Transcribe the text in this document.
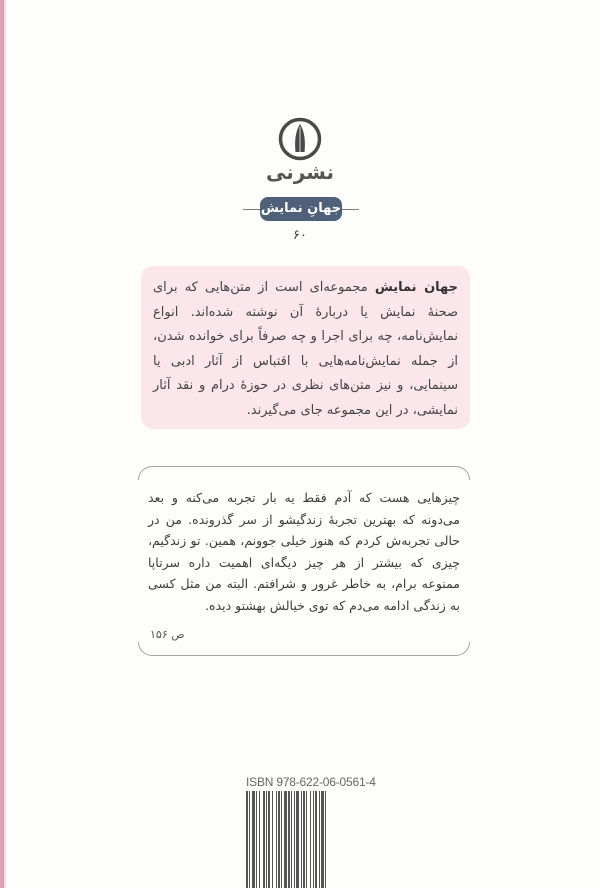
نشرنی
جهانِ نمایش
۶۰

جهان نمایش مجموعه‌ای است از متن‌هایی که برای صحنهٔ نمایش یا دربارهٔ آن نوشته شده‌اند. انواع نمایش‌نامه، چه برای اجرا و چه صرفاً برای خوانده شدن، از جمله نمایش‌نامه‌هایی با اقتباس از آثار ادبی یا سینمایی، و نیز متن‌های نظری در حوزهٔ درام و نقد آثار نمایشی، در این مجموعه جای می‌گیرند.

چیزهایی هست که آدم فقط یه بار تجربه می‌کنه و بعد می‌دونه که بهترین تجربهٔ زندگیشو از سر گذرونده. من در حالی تجربه‌ش کردم که هنوز خیلی جوونم، همین. تو زندگیم، چیزی که بیشتر از هر چیز دیگه‌ای اهمیت داره سرتاپا ممنوعه برام، به خاطر غرور و شرافتم. البته من مثل کسی به زندگی ادامه می‌دم که توی خیالش بهشتو دیده.

ص ۱۵۶
ISBN 978-622-06-0561-4
